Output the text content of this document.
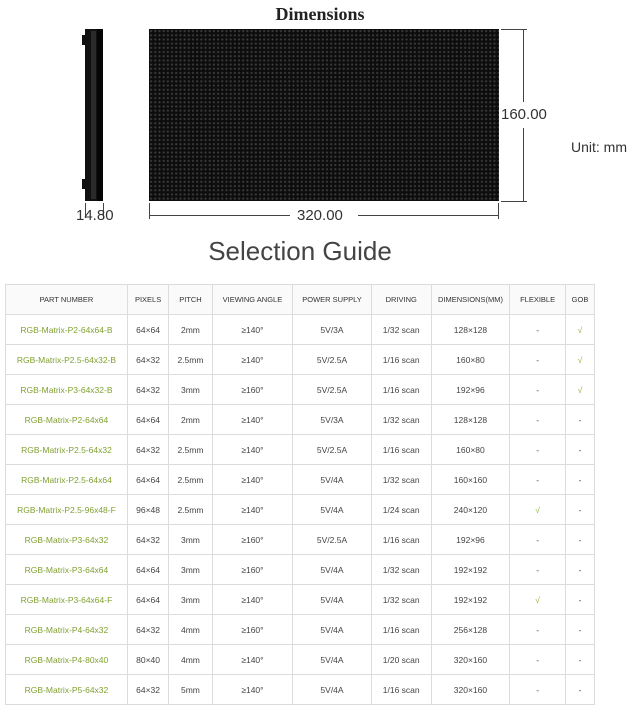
Dimensions
14.80	320.00
160.00
Unit: mm
Selection Guide
PART NUMBER	PIXELS	PITCH	VIEWING ANGLE	POWER SUPPLY	DRIVING	DIMENSIONS(MM)	FLEXIBLE	GOB
RGB-Matrix-P2-64x64-B	64×64	2mm	≥140°	5V/3A	1/32 scan	128×128	-	√
RGB-Matrix-P2.5-64x32-B	64×32	2.5mm	≥140°	5V/2.5A	1/16 scan	160×80	-	√
RGB-Matrix-P3-64x32-B	64×32	3mm	≥160°	5V/2.5A	1/16 scan	192×96	-	√
RGB-Matrix-P2-64x64	64×64	2mm	≥140°	5V/3A	1/32 scan	128×128	-	-
RGB-Matrix-P2.5-64x32	64×32	2.5mm	≥140°	5V/2.5A	1/16 scan	160×80	-	-
RGB-Matrix-P2.5-64x64	64×64	2.5mm	≥140°	5V/4A	1/32 scan	160×160	-	-
RGB-Matrix-P2.5-96x48-F	96×48	2.5mm	≥140°	5V/4A	1/24 scan	240×120	√	-
RGB-Matrix-P3-64x32	64×32	3mm	≥160°	5V/2.5A	1/16 scan	192×96	-	-
RGB-Matrix-P3-64x64	64×64	3mm	≥160°	5V/4A	1/32 scan	192×192	-	-
RGB-Matrix-P3-64x64-F	64×64	3mm	≥140°	5V/4A	1/32 scan	192×192	√	-
RGB-Matrix-P4-64x32	64×32	4mm	≥160°	5V/4A	1/16 scan	256×128	-	-
RGB-Matrix-P4-80x40	80×40	4mm	≥140°	5V/4A	1/20 scan	320×160	-	-
RGB-Matrix-P5-64x32	64×32	5mm	≥140°	5V/4A	1/16 scan	320×160	-	-
